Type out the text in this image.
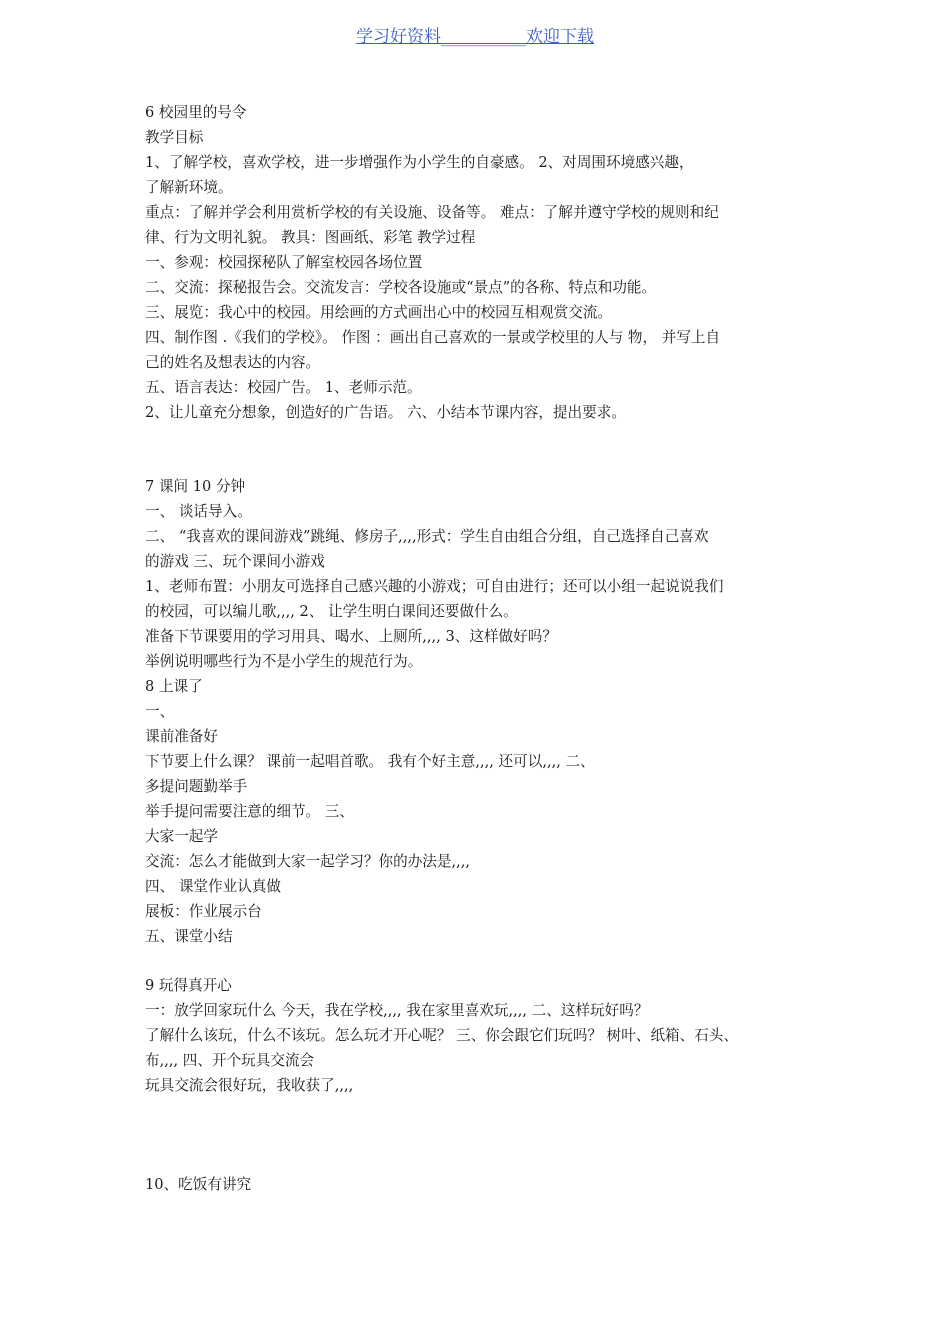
学习好资料__________欢迎下载
6 校园里的号令
教学目标
1、了解学校，喜欢学校，进一步增强作为小学生的自豪感。 2、对周围环境感兴趣，
了解新环境。
重点：了解并学会利用赏析学校的有关设施、设备等。 难点：了解并遵守学校的规则和纪
律、行为文明礼貌。 教具：图画纸、彩笔 教学过程
一、参观：校园探秘队了解室校园各场位置
二、交流：探秘报告会。交流发言：学校各设施或“景点”的各称、特点和功能。
三、展览：我心中的校园。用绘画的方式画出心中的校园互相观赏交流。
四、制作图 .《我们的学校》。 作图 ：画出自己喜欢的一景或学校里的人与 物， 并写上自
己的姓名及想表达的内容。
五、语言表达：校园广告。 1、老师示范。
2、让儿童充分想象，创造好的广告语。 六、小结本节课内容，提出要求。
7 课间 10 分钟
一、 谈话导入。
二、 “我喜欢的课间游戏”跳绳、修房子,,,,形式：学生自由组合分组，自己选择自己喜欢
的游戏 三、玩个课间小游戏
1、老师布置：小朋友可选择自己感兴趣的小游戏；可自由进行；还可以小组一起说说我们
的校园，可以编儿歌,,,, 2、 让学生明白课间还要做什么。
准备下节课要用的学习用具、喝水、上厕所,,,, 3、这样做好吗？
举例说明哪些行为不是小学生的规范行为。
8 上课了
一、
课前准备好
下节要上什么课？ 课前一起唱首歌。 我有个好主意,,,, 还可以,,,, 二、
多提问题勤举手
举手提问需要注意的细节。 三、
大家一起学
交流：怎么才能做到大家一起学习？你的办法是,,,,
四、 课堂作业认真做
展板：作业展示台
五、课堂小结
9 玩得真开心
一：放学回家玩什么 今天，我在学校,,,, 我在家里喜欢玩,,,, 二、这样玩好吗？
了解什么该玩，什么不该玩。怎么玩才开心呢？ 三、你会跟它们玩吗？ 树叶、纸箱、石头、
布,,,, 四、开个玩具交流会
玩具交流会很好玩，我收获了,,,,
10、吃饭有讲究
